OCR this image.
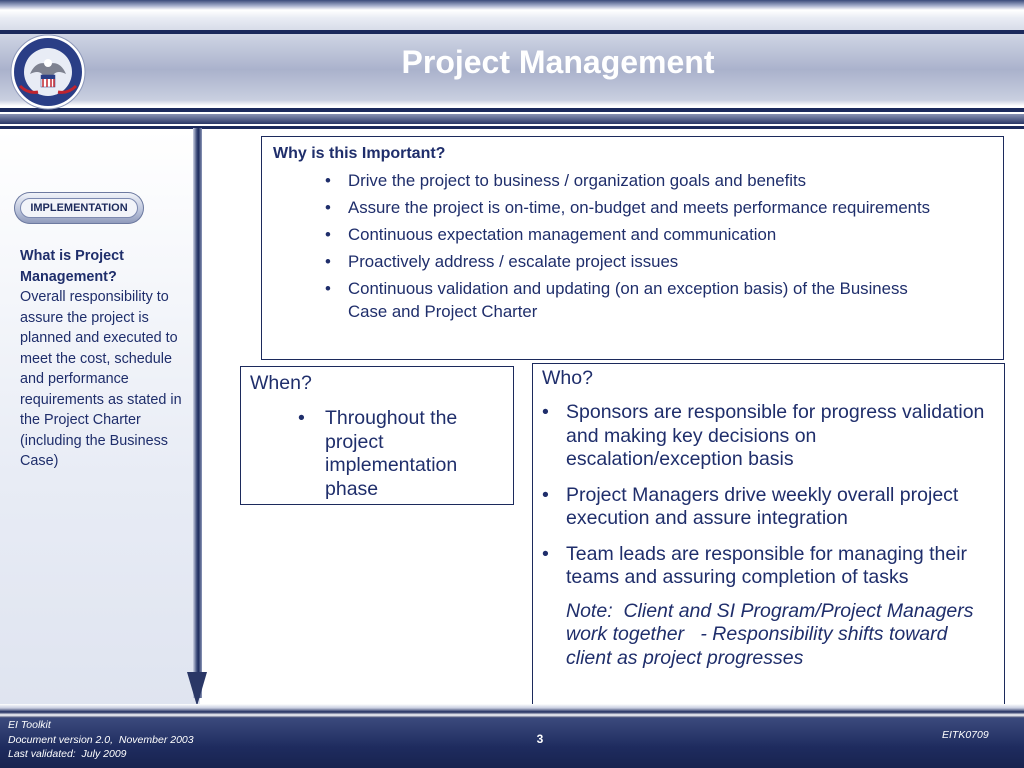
Project Management
IMPLEMENTATION
What is Project Management?
Overall responsibility to assure the project is planned and executed to meet the cost, schedule and performance requirements as stated in the Project Charter (including the Business Case)
Why is this Important?
• Drive the project to business / organization goals and benefits
• Assure the project is on-time, on-budget and meets performance requirements
• Continuous expectation management and communication
• Proactively address / escalate project issues
• Continuous validation and updating (on an exception basis) of the Business Case and Project Charter
When?
• Throughout the project implementation phase
Who?
• Sponsors are responsible for progress validation and making key decisions on escalation/exception basis
• Project Managers drive weekly overall project execution and assure integration
• Team leads are responsible for managing their teams and assuring completion of tasks
Note:  Client and SI Program/Project Managers work together   - Responsibility shifts toward client as project progresses
EI Toolkit
Document version 2.0,  November 2003
Last validated:  July 2009
3	EITK0709
